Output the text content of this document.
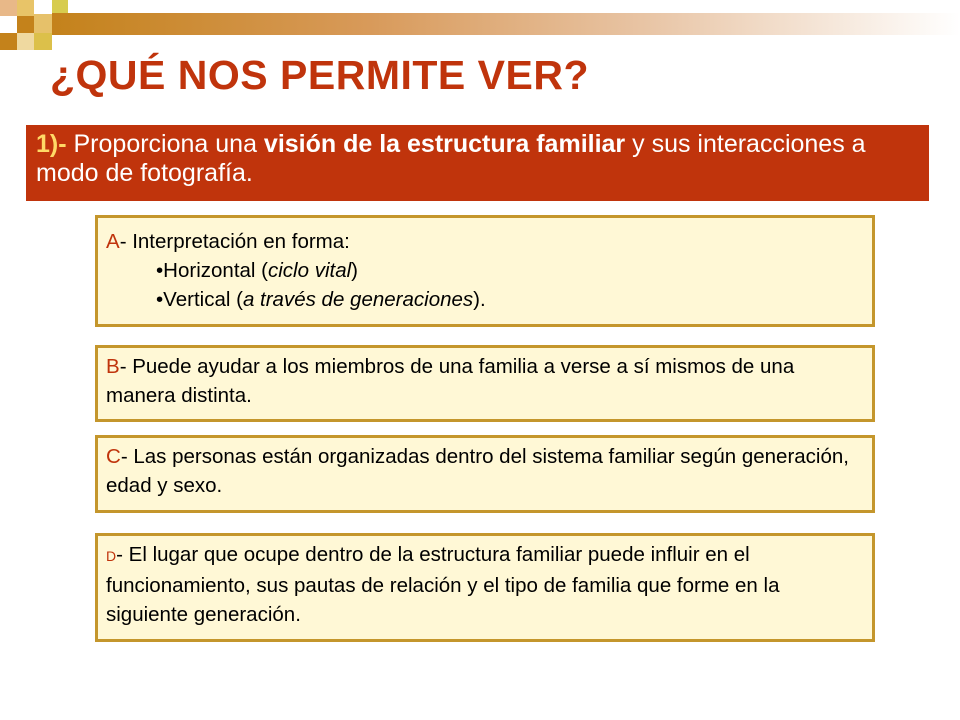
¿QUÉ NOS PERMITE VER?
1)- Proporciona una visión de la estructura familiar y sus interacciones a modo de fotografía.
A- Interpretación en forma:
•Horizontal (ciclo vital)
•Vertical (a través de generaciones).
B- Puede ayudar a los miembros de una familia a verse a sí mismos de una manera distinta.
C- Las personas están organizadas dentro del sistema familiar según generación, edad y sexo.
D- El lugar que ocupe dentro de la estructura familiar puede influir en el funcionamiento, sus pautas de relación y el tipo de familia que forme en la siguiente generación.
